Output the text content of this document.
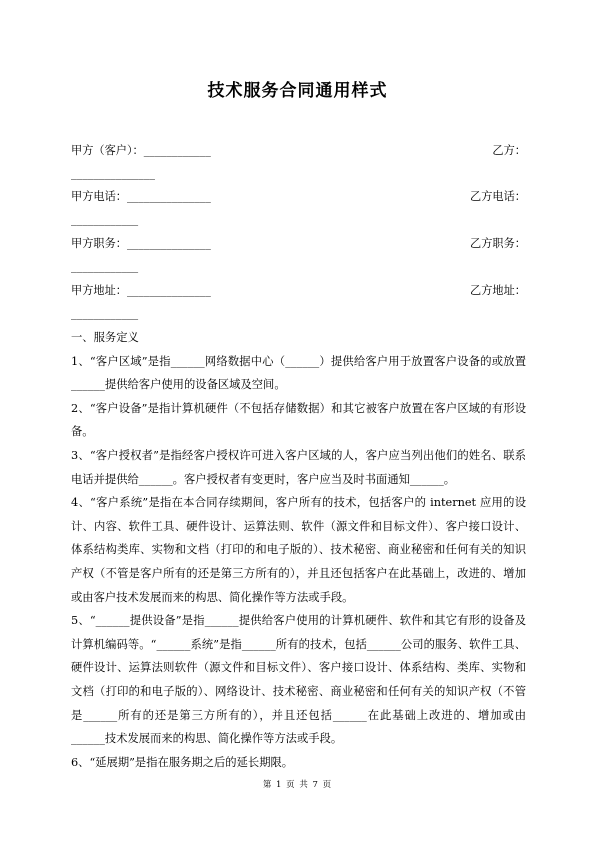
技术服务合同通用样式
甲方（客户）：____________	乙方：
_______________
甲方电话：_______________	乙方电话：
____________
甲方职务：_______________	乙方职务：
____________
甲方地址：_______________	乙方地址：
____________

一、服务定义

1、“客户区域”是指______网络数据中心（______）提供给客户用于放置客户设备的或放置______提供给客户使用的设备区域及空间。

2、“客户设备”是指计算机硬件（不包括存储数据）和其它被客户放置在客户区域的有形设备。

3、“客户授权者”是指经客户授权许可进入客户区域的人，客户应当列出他们的姓名、联系电话并提供给______。客户授权者有变更时，客户应当及时书面通知______。

4、“客户系统”是指在本合同存续期间，客户所有的技术，包括客户的 internet 应用的设计、内容、软件工具、硬件设计、运算法则、软件（源文件和目标文件）、客户接口设计、体系结构类库、实物和文档（打印的和电子版的）、技术秘密、商业秘密和任何有关的知识产权（不管是客户所有的还是第三方所有的），并且还包括客户在此基础上，改进的、增加或由客户技术发展而来的构思、简化操作等方法或手段。

5、“______提供设备”是指______提供给客户使用的计算机硬件、软件和其它有形的设备及计算机编码等。“______系统”是指______所有的技术，包括______公司的服务、软件工具、硬件设计、运算法则软件（源文件和目标文件）、客户接口设计、体系结构、类库、实物和文档（打印的和电子版的）、网络设计、技术秘密、商业秘密和任何有关的知识产权（不管是______所有的还是第三方所有的），并且还包括______在此基础上改进的、增加或由______技术发展而来的构思、简化操作等方法或手段。

6、“延展期”是指在服务期之后的延长期限。

第 1 页 共 7 页
